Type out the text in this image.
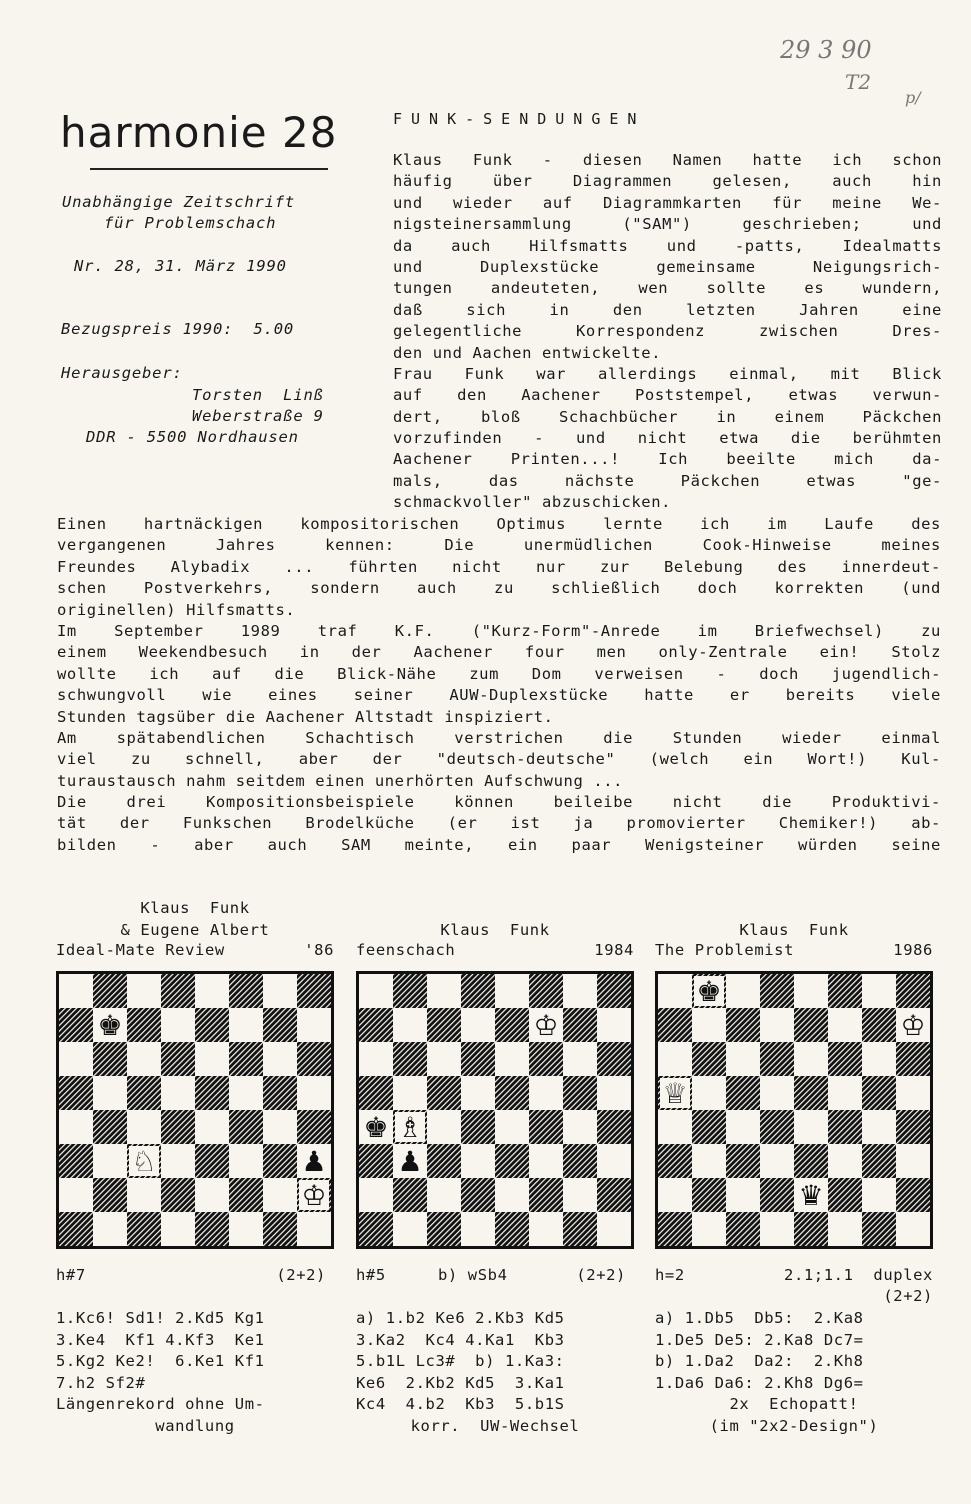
29 3 90
T2
p/
harmonie 28
Unabhängige Zeitschrift
für Problemschach
Nr. 28, 31. März 1990
Bezugspreis 1990:  5.00
Herausgeber:
Torsten  Linß
Weberstraße 9
DDR - 5500 Nordhausen
FUNK-SENDUNGEN
Klaus Funk - diesen Namen hatte ich schon
häufig über Diagrammen gelesen, auch hin
und wieder auf Diagrammkarten für meine We-
nigsteinersammlung ("SAM") geschrieben; und
da auch Hilfsmatts und -patts, Idealmatts
und Duplexstücke gemeinsame Neigungsrich-
tungen andeuteten, wen sollte es wundern,
daß sich in den letzten Jahren eine
gelegentliche Korrespondenz zwischen Dres-
den und Aachen entwickelte.
Frau Funk war allerdings einmal, mit Blick
auf den Aachener Poststempel, etwas verwun-
dert, bloß Schachbücher in einem Päckchen
vorzufinden - und nicht etwa die berühmten
Aachener Printen...! Ich beeilte mich da-
mals, das nächste Päckchen etwas "ge-
schmackvoller" abzuschicken.
Einen hartnäckigen kompositorischen Optimus lernte ich im Laufe des
vergangenen Jahres kennen: Die unermüdlichen Cook-Hinweise meines
Freundes Alybadix ... führten nicht nur zur Belebung des innerdeut-
schen Postverkehrs, sondern auch zu schließlich doch korrekten (und
originellen) Hilfsmatts.
Im September 1989 traf K.F. ("Kurz-Form"-Anrede im Briefwechsel) zu
einem Weekendbesuch in der Aachener four men only-Zentrale ein! Stolz
wollte ich auf die Blick-Nähe zum Dom verweisen - doch jugendlich-
schwungvoll wie eines seiner AUW-Duplexstücke hatte er bereits viele
Stunden tagsüber die Aachener Altstadt inspiziert.
Am spätabendlichen Schachtisch verstrichen die Stunden wieder einmal
viel zu schnell, aber der "deutsch-deutsche" (welch ein Wort!) Kul-
turaustausch nahm seitdem einen unerhörten Aufschwung ...
Die drei Kompositionsbeispiele können beileibe nicht die Produktivi-
tät der Funkschen Brodelküche (er ist ja promovierter Chemiker!) ab-
bilden - aber auch SAM meinte, ein paar Wenigsteiner würden seine
Klaus  Funk
& Eugene Albert
Ideal-Mate Review	'86
♚
♘	♟
♔
h#7	(2+2)
1.Kc6! Sd1! 2.Kd5 Kg1
3.Ke4  Kf1 4.Kf3  Ke1
5.Kg2 Ke2!  6.Ke1 Kf1
7.h2 Sf2#
Längenrekord ohne Um-
wandlung
Klaus  Funk
feenschach	1984
♔
♚ ♗
♟
h#5	b) wSb4	(2+2)
a) 1.b2 Ke6 2.Kb3 Kd5
3.Ka2  Kc4 4.Ka1  Kb3
5.b1L Lc3#  b) 1.Ka3:
Ke6  2.Kb2 Kd5  3.Ka1
Kc4  4.b2  Kb3  5.b1S
korr.  UW-Wechsel
Klaus  Funk
The Problemist	1986
♚
♔
♕
♛
h=2	2.1;1.1  duplex
(2+2)
a) 1.Db5  Db5:  2.Ka8
1.De5 De5: 2.Ka8 Dc7=
b) 1.Da2  Da2:  2.Kh8
1.Da6 Da6: 2.Kh8 Dg6=
2x  Echopatt!
(im "2x2-Design")
